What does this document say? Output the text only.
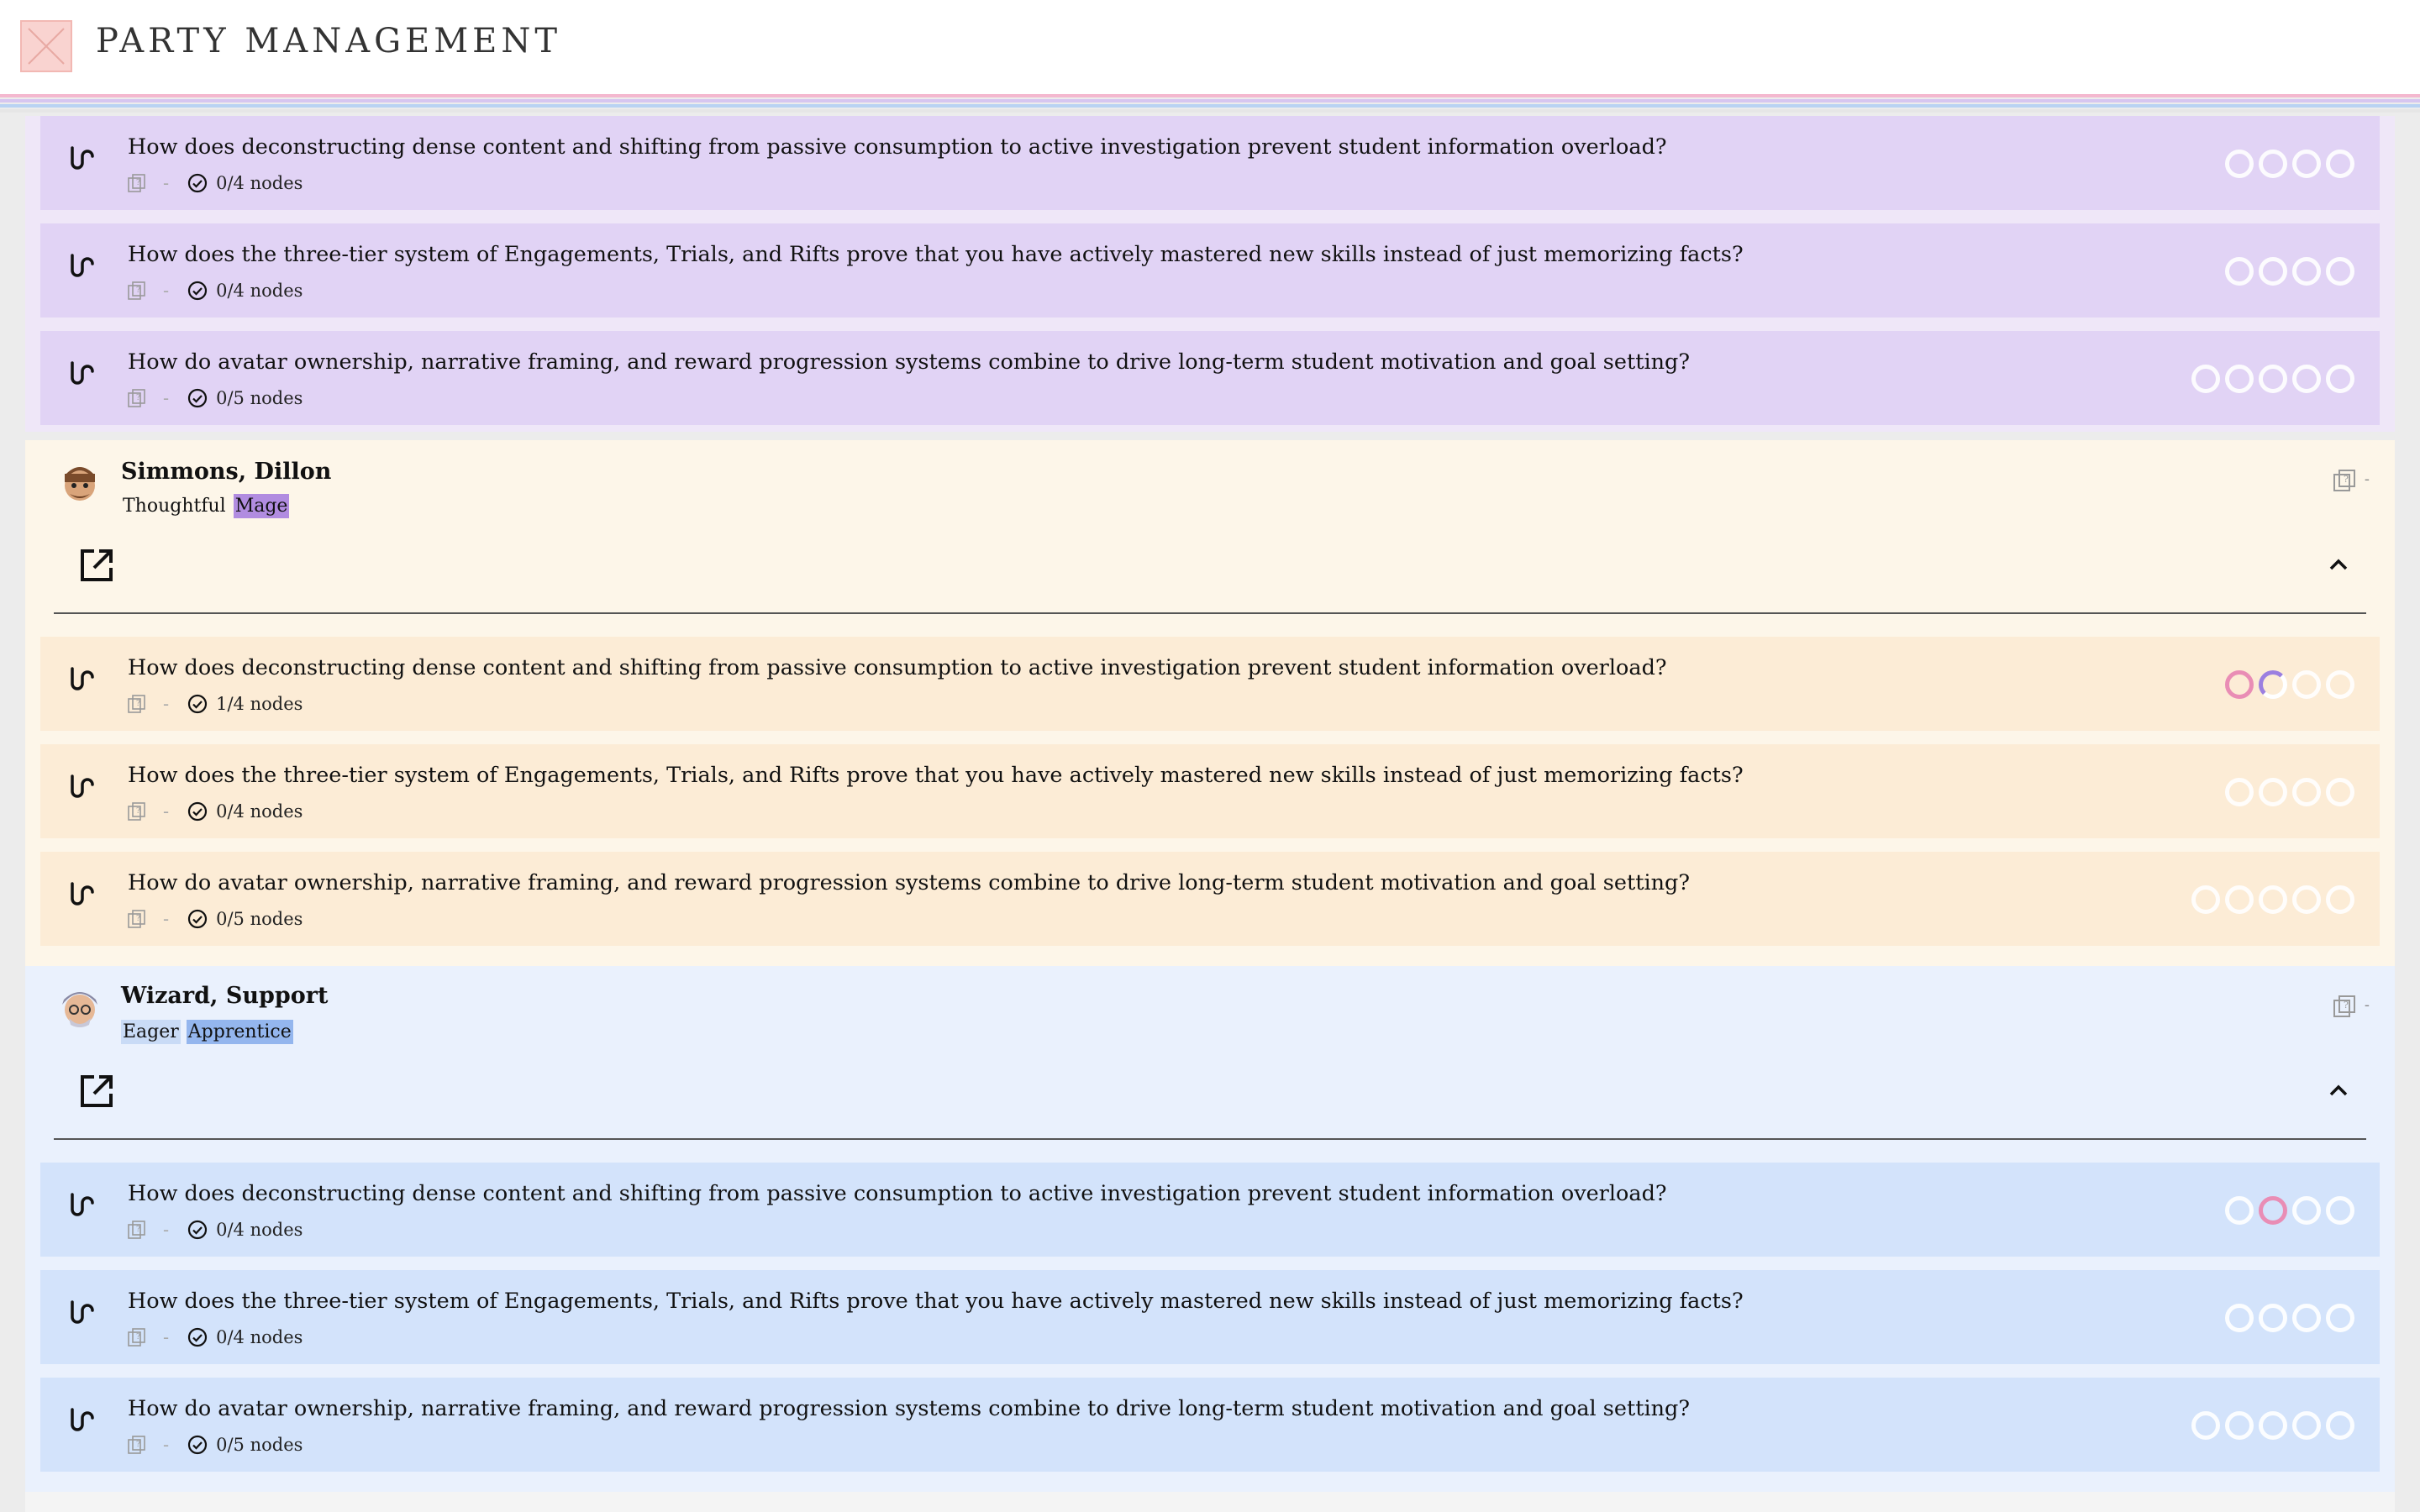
PARTY MANAGEMENT
How does deconstructing dense content and shifting from passive consumption to active investigation prevent student information overload?
? -	0/4 nodes
How does the three-tier system of Engagements, Trials, and Rifts prove that you have actively mastered new skills instead of just memorizing facts?
? -	0/4 nodes
How do avatar ownership, narrative framing, and reward progression systems combine to drive long-term student motivation and goal setting?
? -	0/5 nodes
Simmons, Dillon
Thoughtful Mage
? -
How does deconstructing dense content and shifting from passive consumption to active investigation prevent student information overload?
? -	1/4 nodes
How does the three-tier system of Engagements, Trials, and Rifts prove that you have actively mastered new skills instead of just memorizing facts?
? -	0/4 nodes
How do avatar ownership, narrative framing, and reward progression systems combine to drive long-term student motivation and goal setting?
? -	0/5 nodes
Wizard, Support
Eager Apprentice
? -
How does deconstructing dense content and shifting from passive consumption to active investigation prevent student information overload?
? -	0/4 nodes
How does the three-tier system of Engagements, Trials, and Rifts prove that you have actively mastered new skills instead of just memorizing facts?
? -	0/4 nodes
How do avatar ownership, narrative framing, and reward progression systems combine to drive long-term student motivation and goal setting?
? -	0/5 nodes
